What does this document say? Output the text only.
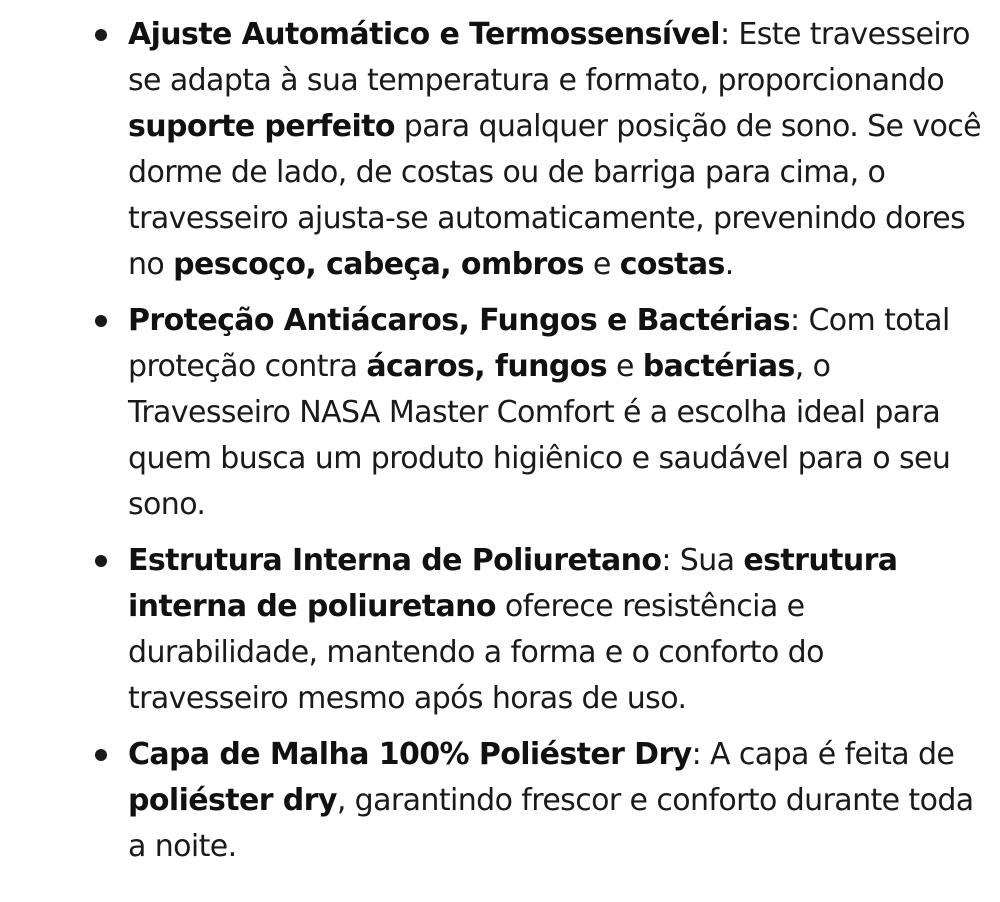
Ajuste Automático e Termossensível: Este travesseiro se adapta à sua temperatura e formato, proporcionando suporte perfeito para qualquer posição de sono. Se você dorme de lado, de costas ou de barriga para cima, o travesseiro ajusta-se automaticamente, prevenindo dores no pescoço, cabeça, ombros e costas.
Proteção Antiácaros, Fungos e Bactérias: Com total proteção contra ácaros, fungos e bactérias, o Travesseiro NASA Master Comfort é a escolha ideal para quem busca um produto higiênico e saudável para o seu sono.
Estrutura Interna de Poliuretano: Sua estrutura interna de poliuretano oferece resistência e durabilidade, mantendo a forma e o conforto do travesseiro mesmo após horas de uso.
Capa de Malha 100% Poliéster Dry: A capa é feita de poliéster dry, garantindo frescor e conforto durante toda a noite.
